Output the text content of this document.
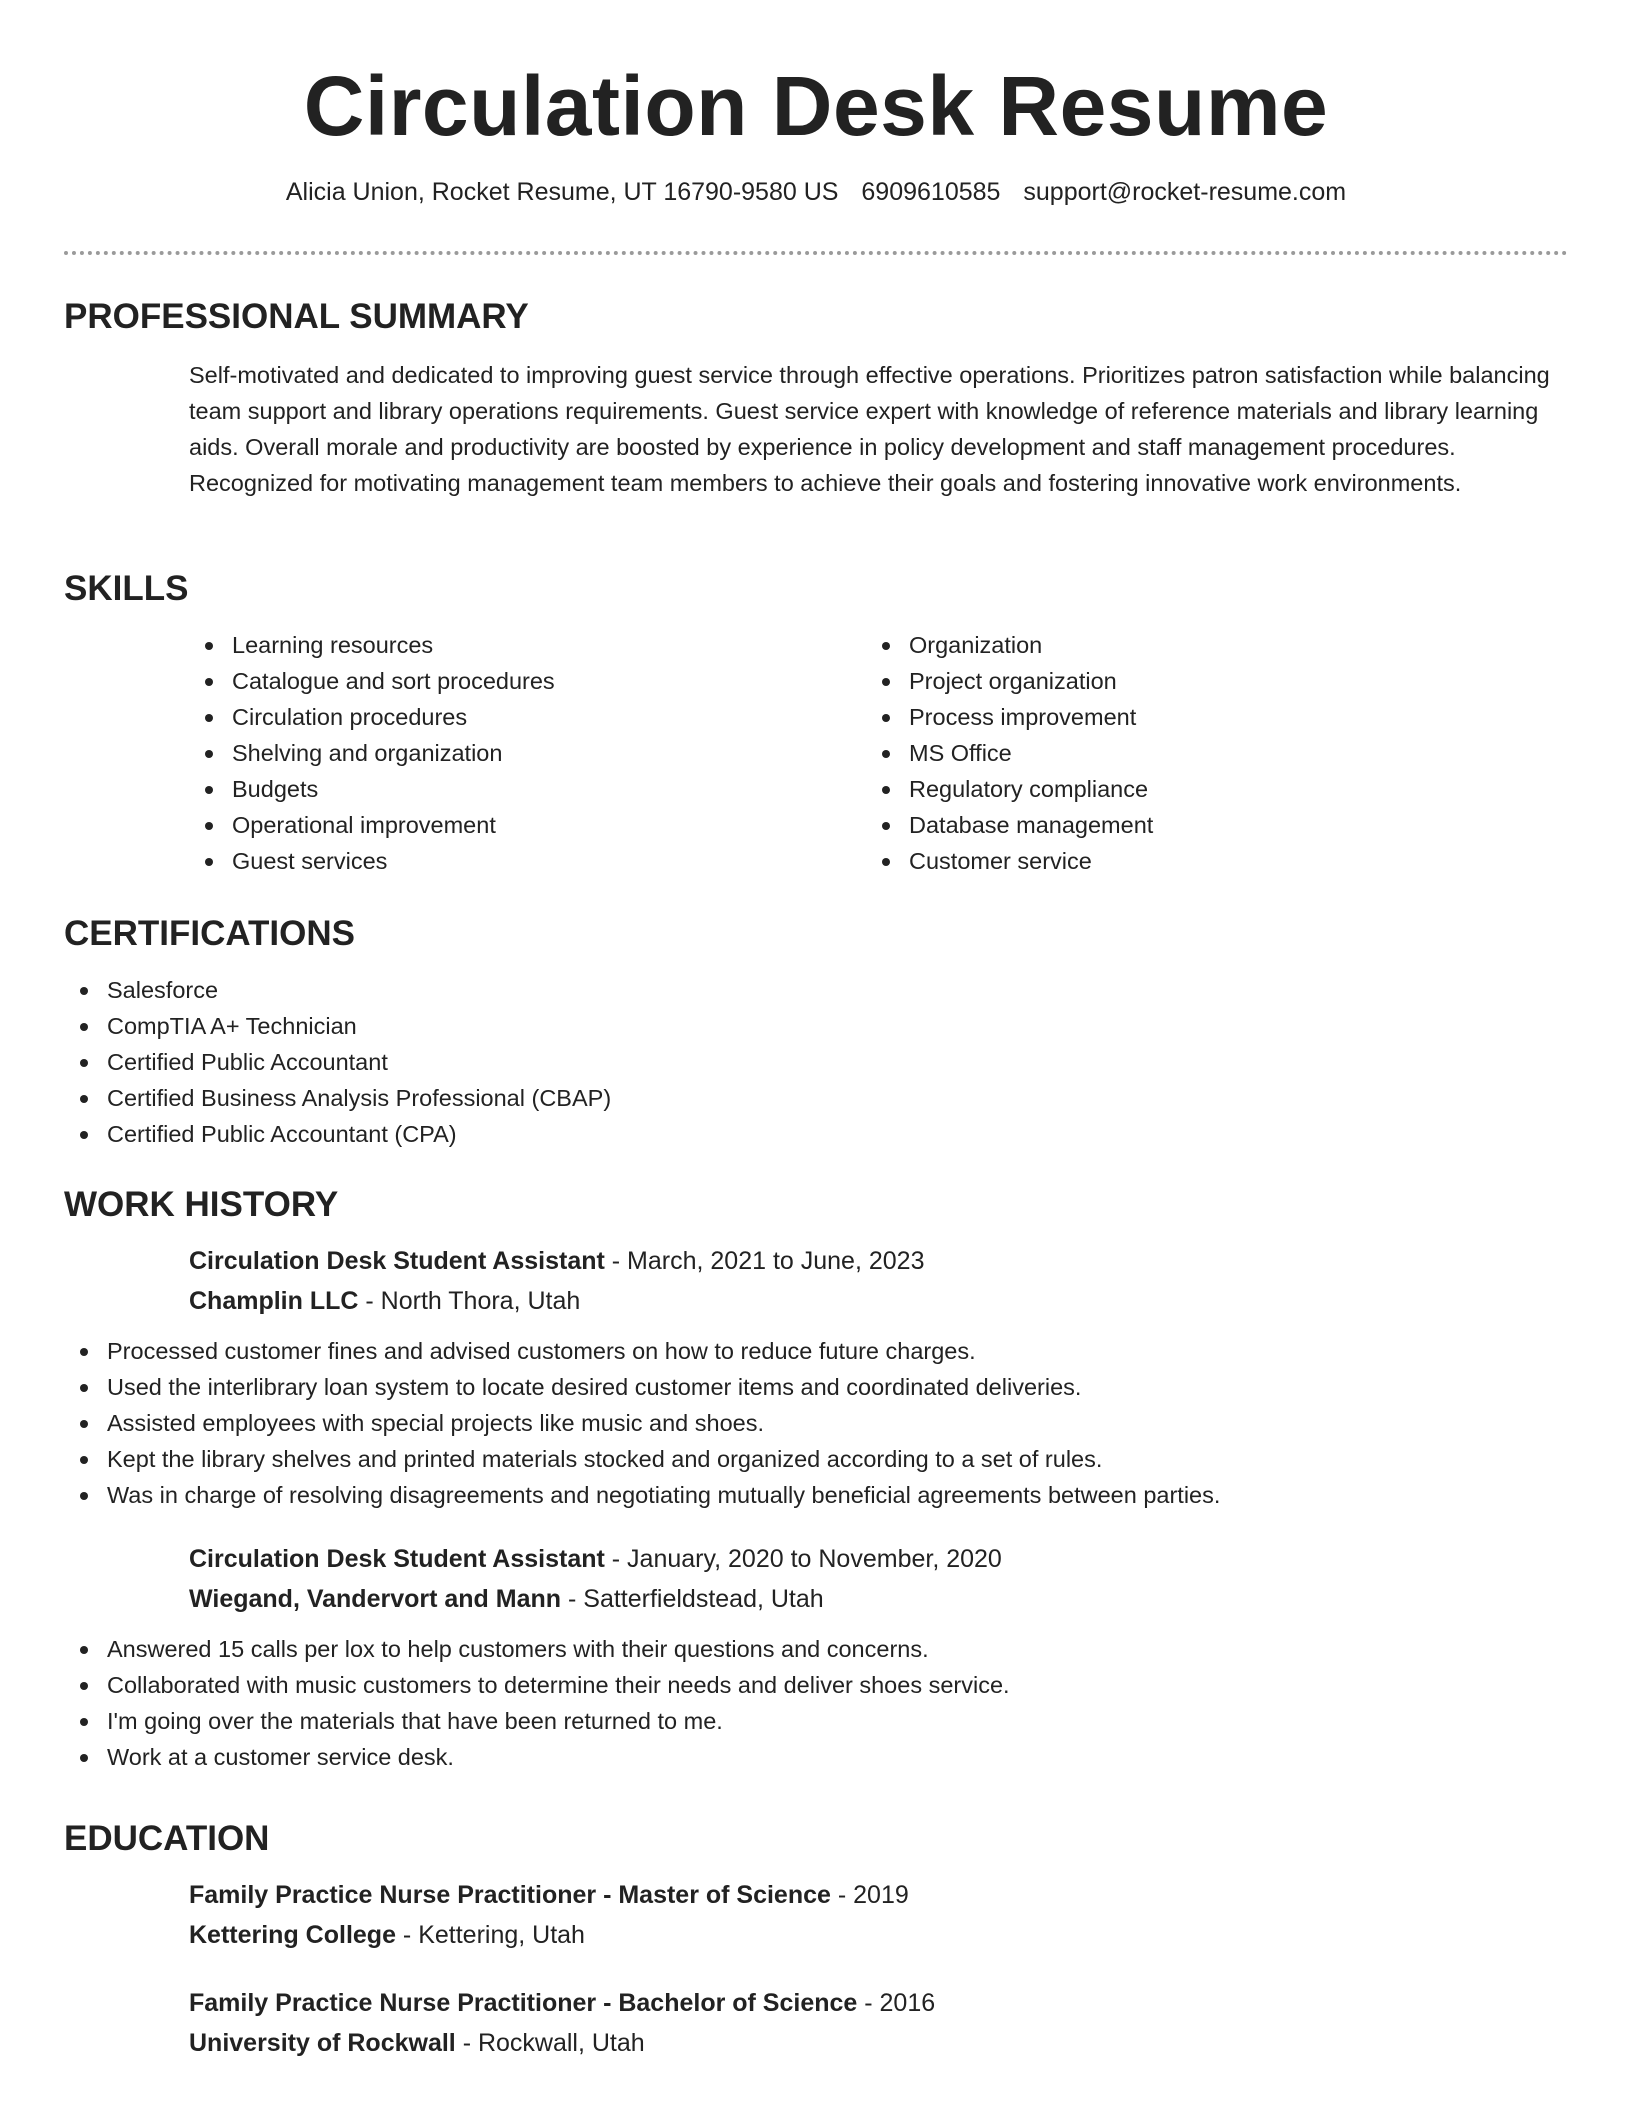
Circulation Desk Resume
Alicia Union, Rocket Resume, UT 16790-9580 US 6909610585 support@rocket-resume.com
PROFESSIONAL SUMMARY

Self-motivated and dedicated to improving guest service through effective operations. Prioritizes patron satisfaction while balancing team support and library operations requirements. Guest service expert with knowledge of reference materials and library learning aids. Overall morale and productivity are boosted by experience in policy development and staff management procedures. Recognized for motivating management team members to achieve their goals and fostering innovative work environments.

SKILLS
Learning resources
Catalogue and sort procedures
Circulation procedures
Shelving and organization
Budgets
Operational improvement
Guest services
Organization
Project organization
Process improvement
MS Office
Regulatory compliance
Database management
Customer service
CERTIFICATIONS
Salesforce
CompTIA A+ Technician
Certified Public Accountant
Certified Business Analysis Professional (CBAP)
Certified Public Accountant (CPA)
WORK HISTORY
Circulation Desk Student Assistant - March, 2021 to June, 2023
Champlin LLC - North Thora, Utah
Processed customer fines and advised customers on how to reduce future charges.
Used the interlibrary loan system to locate desired customer items and coordinated deliveries.
Assisted employees with special projects like music and shoes.
Kept the library shelves and printed materials stocked and organized according to a set of rules.
Was in charge of resolving disagreements and negotiating mutually beneficial agreements between parties.
Circulation Desk Student Assistant - January, 2020 to November, 2020
Wiegand, Vandervort and Mann - Satterfieldstead, Utah
Answered 15 calls per lox to help customers with their questions and concerns.
Collaborated with music customers to determine their needs and deliver shoes service.
I'm going over the materials that have been returned to me.
Work at a customer service desk.
EDUCATION
Family Practice Nurse Practitioner - Master of Science - 2019
Kettering College - Kettering, Utah
Family Practice Nurse Practitioner - Bachelor of Science - 2016
University of Rockwall - Rockwall, Utah
